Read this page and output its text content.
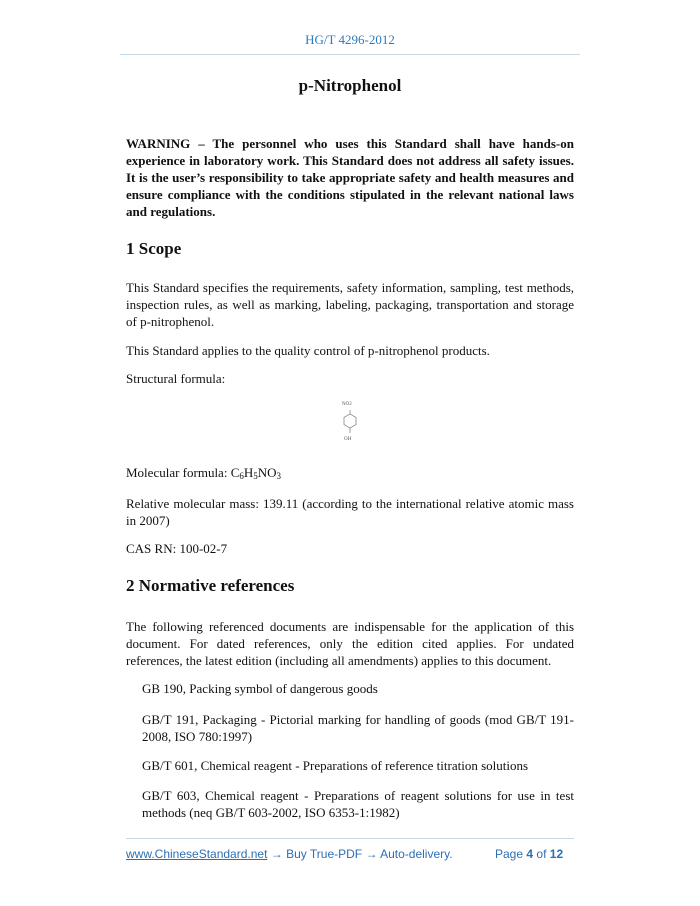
HG/T 4296-2012
p-Nitrophenol
WARNING – The personnel who uses this Standard shall have hands-on experience in laboratory work. This Standard does not address all safety issues. It is the user’s responsibility to take appropriate safety and health measures and ensure compliance with the conditions stipulated in the relevant national laws and regulations.
1 Scope
This Standard specifies the requirements, safety information, sampling, test methods, inspection rules, as well as marking, labeling, packaging, transportation and storage of p-nitrophenol.
This Standard applies to the quality control of p-nitrophenol products.
Structural formula:
NO2
OH
Molecular formula: $C_6H_5NO_3$
Relative molecular mass: 139.11 (according to the international relative atomic mass in 2007)
CAS RN: 100-02-7
2 Normative references
The following referenced documents are indispensable for the application of this document. For dated references, only the edition cited applies. For undated references, the latest edition (including all amendments) applies to this document.
GB 190, Packing symbol of dangerous goods
GB/T 191, Packaging - Pictorial marking for handling of goods (mod GB/T 191-2008, ISO 780:1997)
GB/T 601, Chemical reagent - Preparations of reference titration solutions
GB/T 603, Chemical reagent - Preparations of reagent solutions for use in test methods (neq GB/T 603-2002, ISO 6353-1:1982)
www.ChineseStandard.net → Buy True-PDF → Auto-delivery.	Page 4 of 12
